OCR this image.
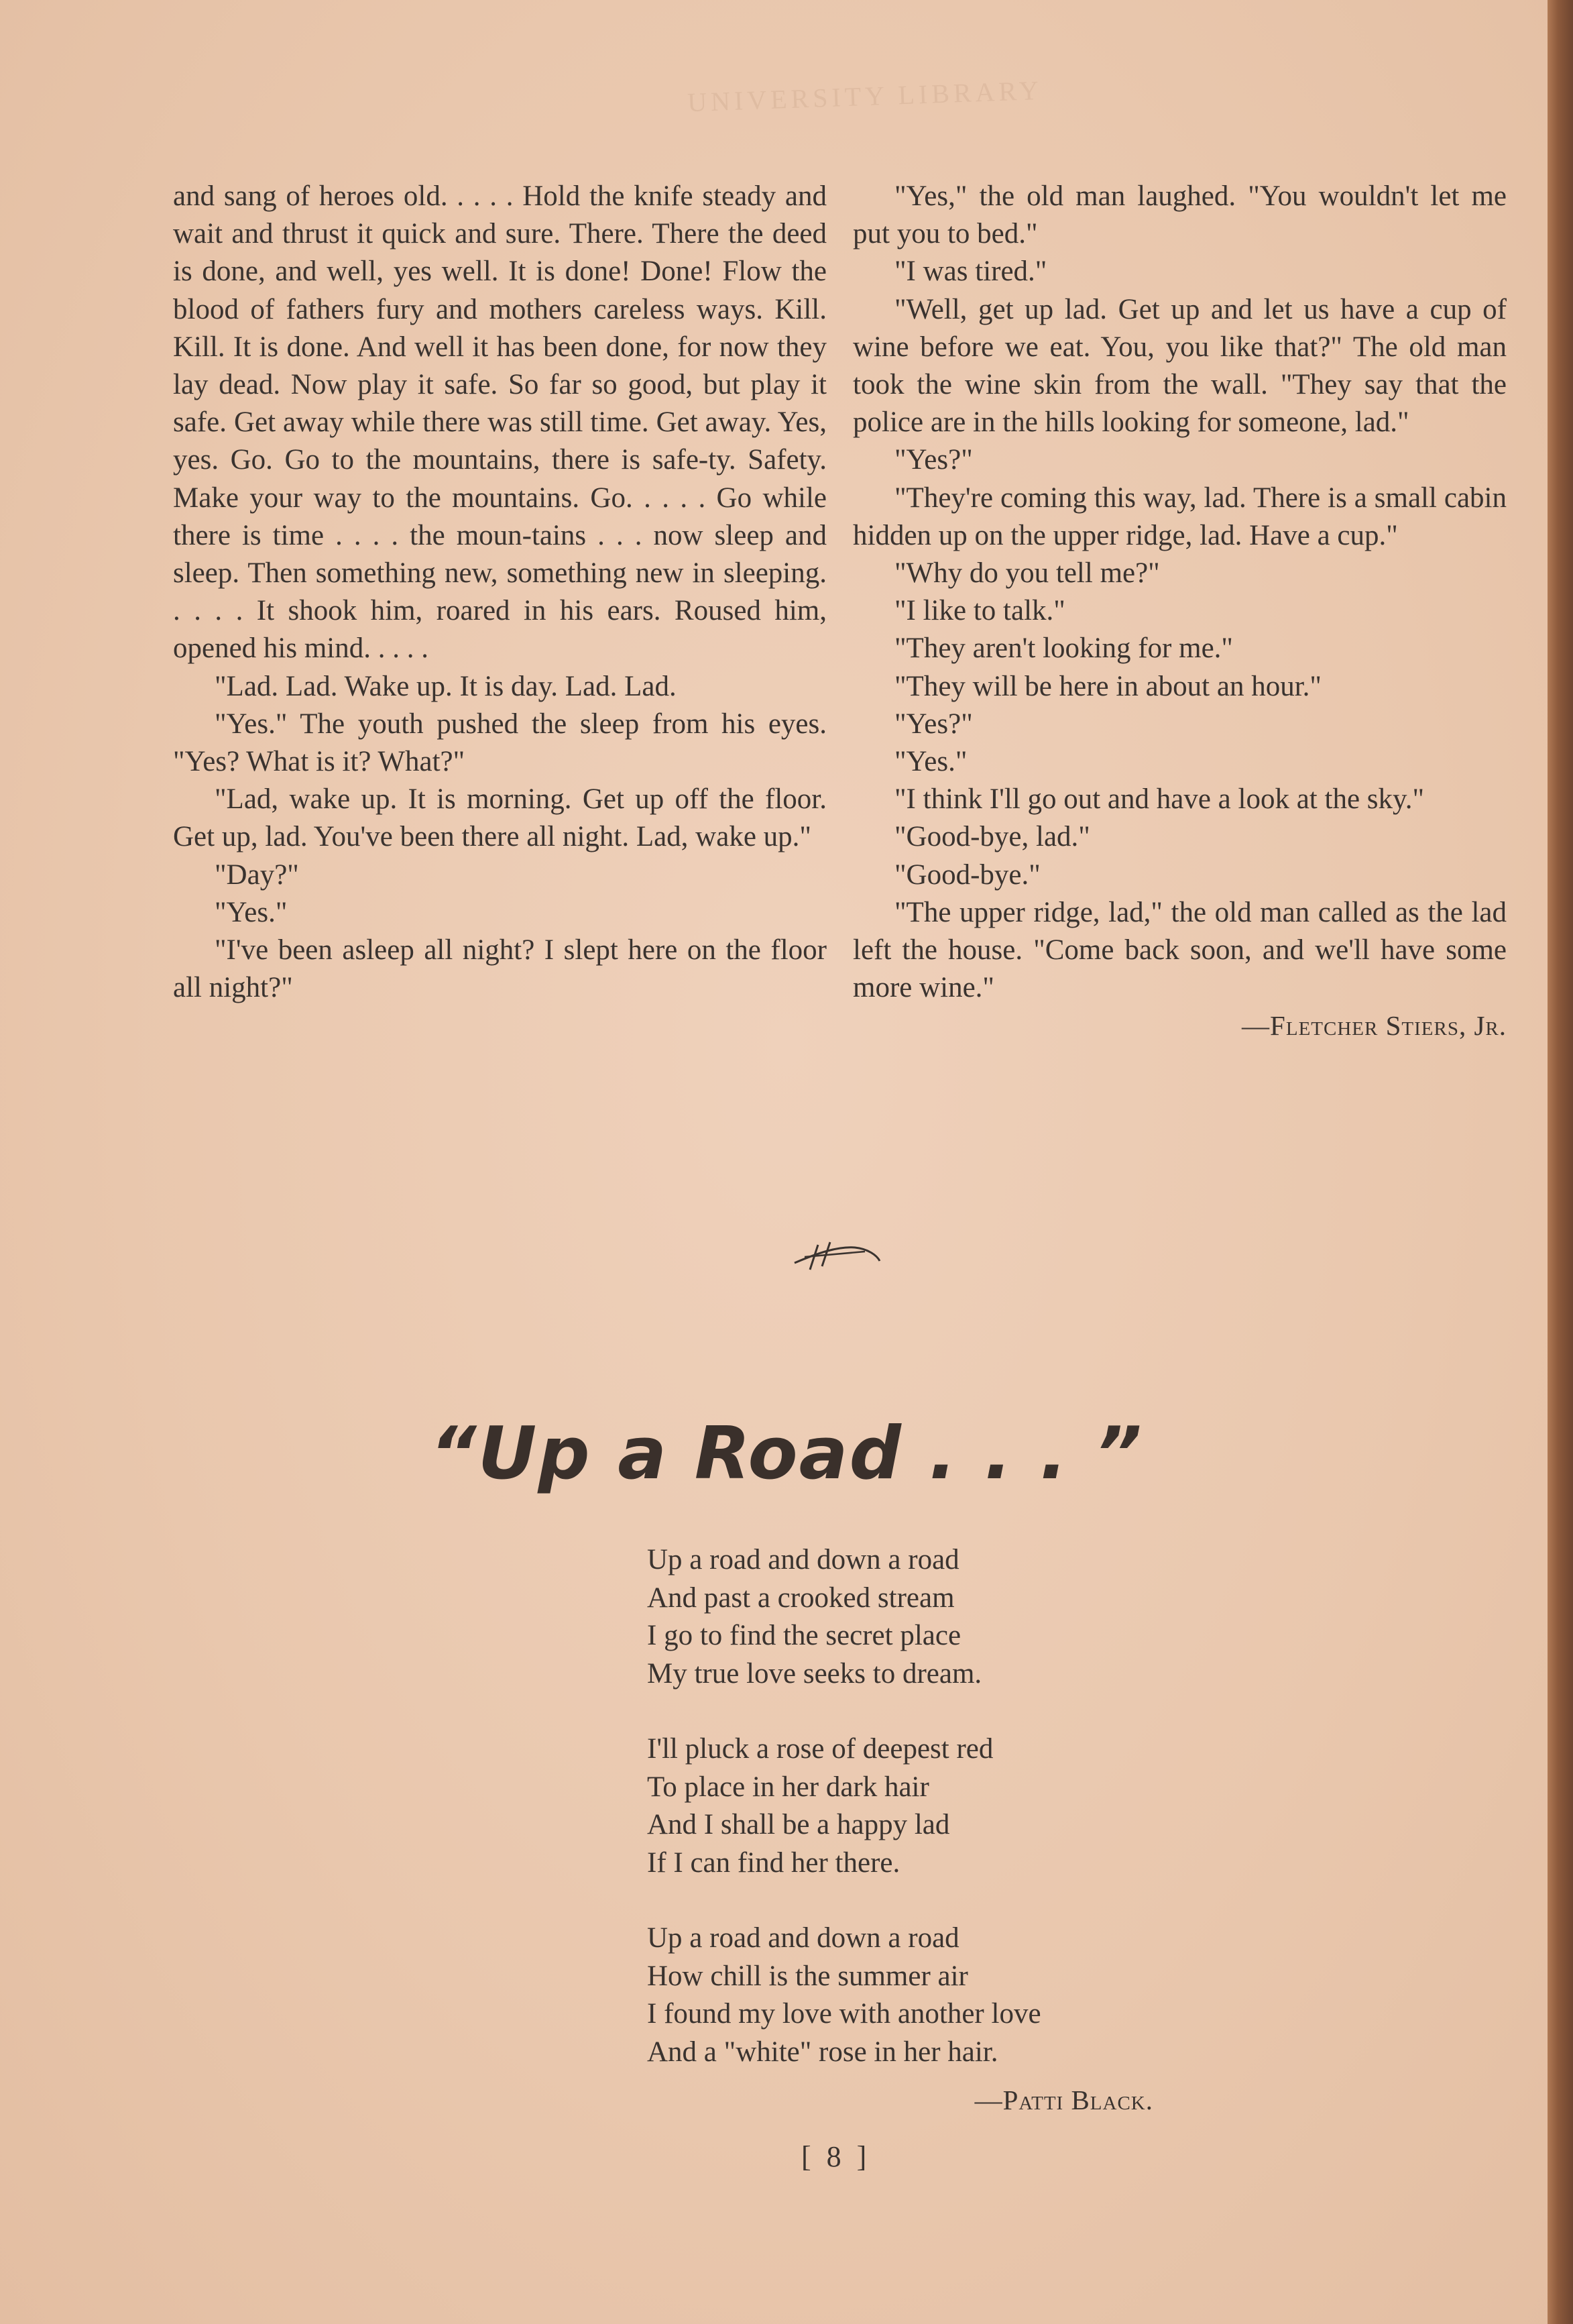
UNIVERSITY LIBRARY

and sang of heroes old. . . . . Hold the knife steady and wait and thrust it quick and sure. There. There the deed is done, and well, yes well. It is done! Done! Flow the blood of fathers fury and mothers careless ways. Kill. Kill. It is done. And well it has been done, for now they lay dead. Now play it safe. So far so good, but play it safe. Get away while there was still time. Get away. Yes, yes. Go. Go to the mountains, there is safe-ty. Safety. Make your way to the mountains. Go. . . . . Go while there is time . . . . the moun-tains . . . now sleep and sleep. Then something new, something new in sleeping. . . . . It shook him, roared in his ears. Roused him, opened his mind. . . . .

"Lad. Lad. Wake up. It is day. Lad. Lad.

"Yes." The youth pushed the sleep from his eyes. "Yes? What is it? What?"

"Lad, wake up. It is morning. Get up off the floor. Get up, lad. You've been there all night. Lad, wake up."

"Day?"

"Yes."

"I've been asleep all night? I slept here on the floor all night?"

"Yes," the old man laughed. "You wouldn't let me put you to bed."

"I was tired."

"Well, get up lad. Get up and let us have a cup of wine before we eat. You, you like that?" The old man took the wine skin from the wall. "They say that the police are in the hills looking for someone, lad."

"Yes?"

"They're coming this way, lad. There is a small cabin hidden up on the upper ridge, lad. Have a cup."

"Why do you tell me?"

"I like to talk."

"They aren't looking for me."

"They will be here in about an hour."

"Yes?"

"Yes."

"I think I'll go out and have a look at the sky."

"Good-bye, lad."

"Good-bye."

"The upper ridge, lad," the old man called as the lad left the house. "Come back soon, and we'll have some more wine."

—Fletcher Stiers, Jr.

“Up a Road . . . ”
Up a road and down a road
And past a crooked stream
I go to find the secret place
My true love seeks to dream.
I'll pluck a rose of deepest red
To place in her dark hair
And I shall be a happy lad
If I can find her there.
Up a road and down a road
How chill is the summer air
I found my love with another love
And a "white" rose in her hair.
—Patti Black.
[ 8 ]
